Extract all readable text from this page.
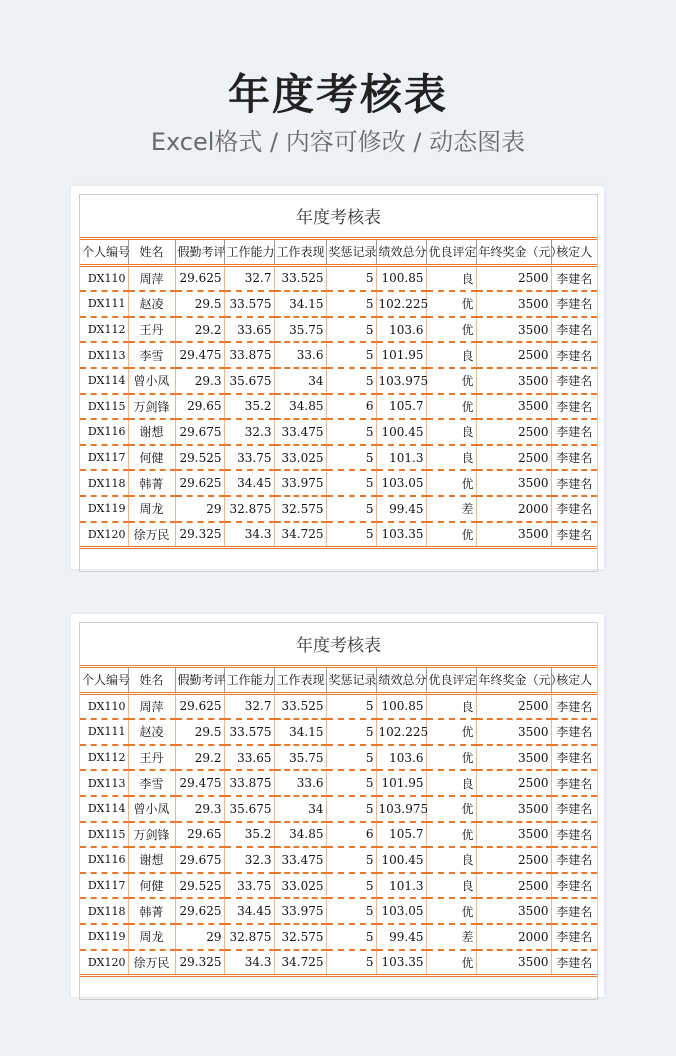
年度考核表
Excel格式 / 内容可修改 / 动态图表
年度考核表
个人编号	姓名	假勤考评	工作能力	工作表现	奖惩记录	绩效总分	优良评定	年终奖金（元）	核定人
DX110	周萍	29.625	32.7	33.525	5	100.85	良	2500	李建名
DX111	赵凌	29.5	33.575	34.15	5	102.225	优	3500	李建名
DX112	王丹	29.2	33.65	35.75	5	103.6	优	3500	李建名
DX113	李雪	29.475	33.875	33.6	5	101.95	良	2500	李建名
DX114	曾小凤	29.3	35.675	34	5	103.975	优	3500	李建名
DX115	万剑锋	29.65	35.2	34.85	6	105.7	优	3500	李建名
DX116	谢想	29.675	32.3	33.475	5	100.45	良	2500	李建名
DX117	何健	29.525	33.75	33.025	5	101.3	良	2500	李建名
DX118	韩菁	29.625	34.45	33.975	5	103.05	优	3500	李建名
DX119	周龙	29	32.875	32.575	5	99.45	差	2000	李建名
DX120	徐万民	29.325	34.3	34.725	5	103.35	优	3500	李建名
年度考核表
个人编号	姓名	假勤考评	工作能力	工作表现	奖惩记录	绩效总分	优良评定	年终奖金（元）	核定人
DX110	周萍	29.625	32.7	33.525	5	100.85	良	2500	李建名
DX111	赵凌	29.5	33.575	34.15	5	102.225	优	3500	李建名
DX112	王丹	29.2	33.65	35.75	5	103.6	优	3500	李建名
DX113	李雪	29.475	33.875	33.6	5	101.95	良	2500	李建名
DX114	曾小凤	29.3	35.675	34	5	103.975	优	3500	李建名
DX115	万剑锋	29.65	35.2	34.85	6	105.7	优	3500	李建名
DX116	谢想	29.675	32.3	33.475	5	100.45	良	2500	李建名
DX117	何健	29.525	33.75	33.025	5	101.3	良	2500	李建名
DX118	韩菁	29.625	34.45	33.975	5	103.05	优	3500	李建名
DX119	周龙	29	32.875	32.575	5	99.45	差	2000	李建名
DX120	徐万民	29.325	34.3	34.725	5	103.35	优	3500	李建名
